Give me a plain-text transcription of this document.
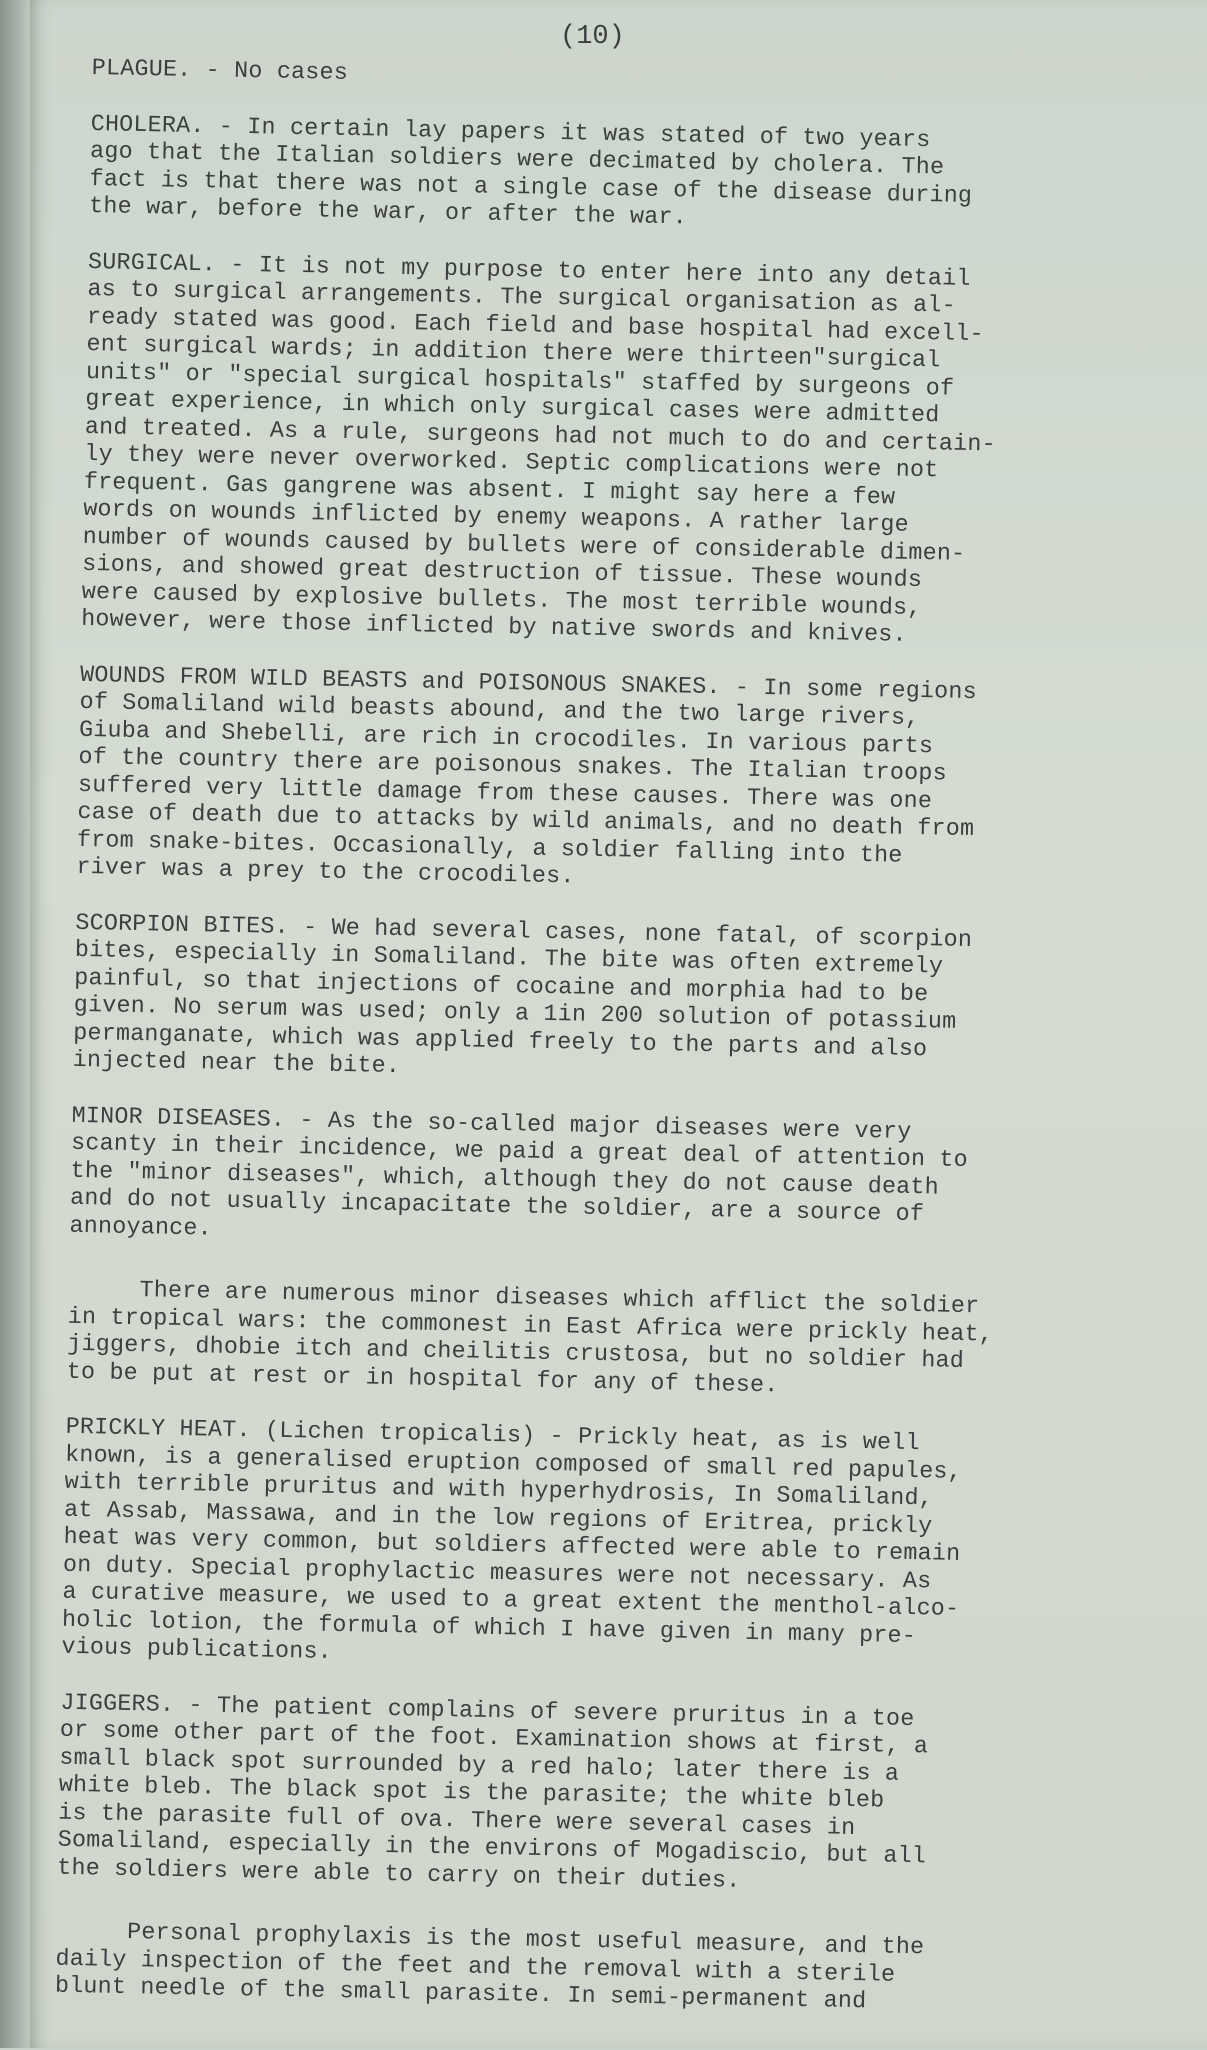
(10)

PLAGUE. - No cases

CHOLERA. - In certain lay papers it was stated of two years
ago that the Italian soldiers were decimated by cholera. The
fact is that there was not a single case of the disease during
the war, before the war, or after the war.

SURGICAL. - It is not my purpose to enter here into any detail
as to surgical arrangements. The surgical organisation as al-
ready stated was good. Each field and base hospital had excell-
ent surgical wards; in addition there were thirteen"surgical
units" or "special surgical hospitals" staffed by surgeons of
great experience, in which only surgical cases were admitted
and treated. As a rule, surgeons had not much to do and certain-
ly they were never overworked. Septic complications were not
frequent. Gas gangrene was absent. I might say here a few
words on wounds inflicted by enemy weapons. A rather large
number of wounds caused by bullets were of considerable dimen-
sions, and showed great destruction of tissue. These wounds
were caused by explosive bullets. The most terrible wounds,
however, were those inflicted by native swords and knives.

WOUNDS FROM WILD BEASTS and POISONOUS SNAKES. - In some regions
of Somaliland wild beasts abound, and the two large rivers,
Giuba and Shebelli, are rich in crocodiles. In various parts
of the country there are poisonous snakes. The Italian troops
suffered very little damage from these causes. There was one
case of death due to attacks by wild animals, and no death from
from snake-bites. Occasionally, a soldier falling into the
river was a prey to the crocodiles.

SCORPION BITES. - We had several cases, none fatal, of scorpion
bites, especially in Somaliland. The bite was often extremely
painful, so that injections of cocaine and morphia had to be
given. No serum was used; only a 1in 200 solution of potassium
permanganate, which was applied freely to the parts and also
injected near the bite.

MINOR DISEASES. - As the so-called major diseases were very
scanty in their incidence, we paid a great deal of attention to
the "minor diseases", which, although they do not cause death
and do not usually incapacitate the soldier, are a source of
annoyance.

There are numerous minor diseases which afflict the soldier
in tropical wars: the commonest in East Africa were prickly heat,
jiggers, dhobie itch and cheilitis crustosa, but no soldier had
to be put at rest or in hospital for any of these.

PRICKLY HEAT. (Lichen tropicalis) - Prickly heat, as is well
known, is a generalised eruption composed of small red papules,
with terrible pruritus and with hyperhydrosis, In Somaliland,
at Assab, Massawa, and in the low regions of Eritrea, prickly
heat was very common, but soldiers affected were able to remain
on duty. Special prophylactic measures were not necessary. As
a curative measure, we used to a great extent the menthol-alco-
holic lotion, the formula of which I have given in many pre-
vious publications.

JIGGERS. - The patient complains of severe pruritus in a toe
or some other part of the foot. Examination shows at first, a
small black spot surrounded by a red halo; later there is a
white bleb. The black spot is the parasite; the white bleb
is the parasite full of ova. There were several cases in
Somaliland, especially in the environs of Mogadiscio, but all
the soldiers were able to carry on their duties.

Personal prophylaxis is the most useful measure, and the
daily inspection of the feet and the removal with a sterile
blunt needle of the small parasite. In semi-permanent and
